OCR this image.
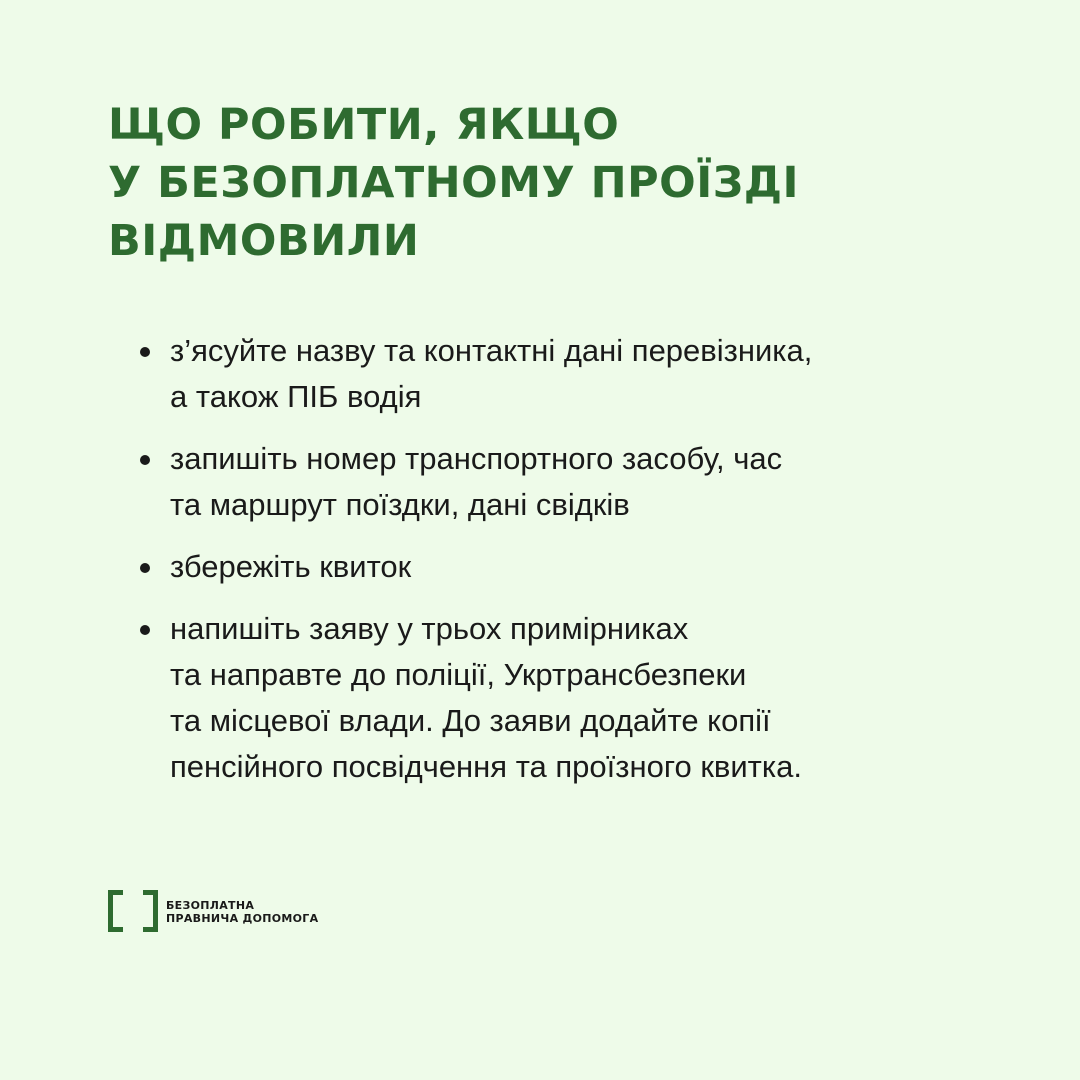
ЩО РОБИТИ, ЯКЩО
У БЕЗОПЛАТНОМУ ПРОЇЗДІ
ВІДМОВИЛИ
з’ясуйте назву та контактні дані перевізника,
а також ПІБ водія
запишіть номер транспортного засобу, час
та маршрут поїздки, дані свідків
збережіть квиток
напишіть заяву у трьох примірниках
та направте до поліції, Укртрансбезпеки
та місцевої влади. До заяви додайте копії
пенсійного посвідчення та проїзного квитка.
БЕЗОПЛАТНА
ПРАВНИЧА ДОПОМОГА
